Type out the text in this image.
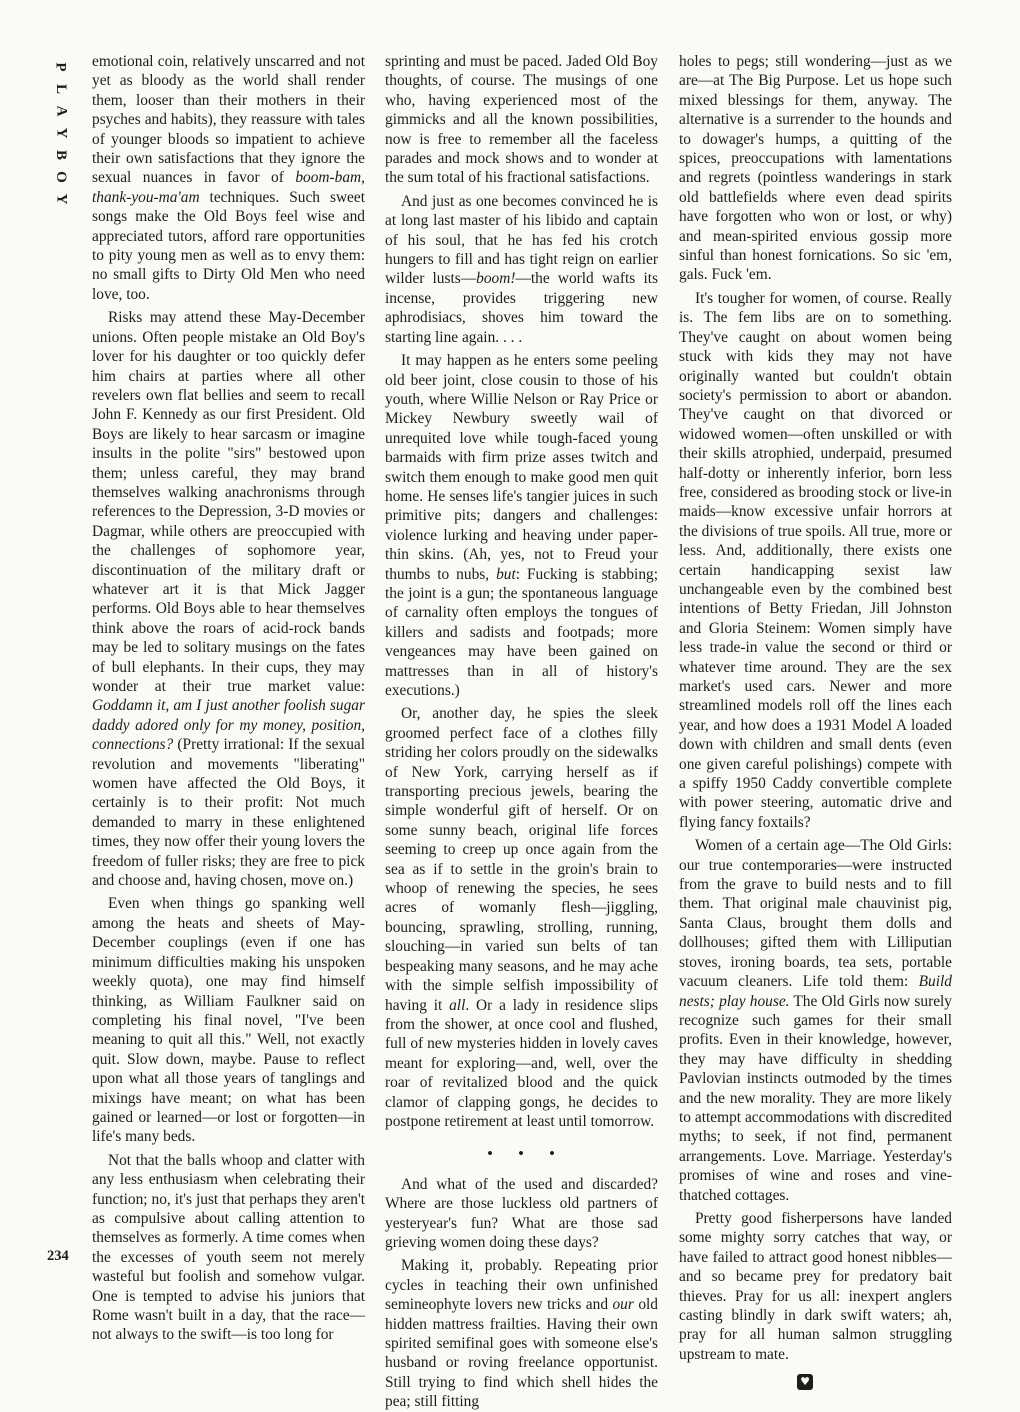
P
L
A
Y
B
O
Y
234

emotional coin, relatively unscarred and not yet as bloody as the world shall render them, looser than their mothers in their psyches and habits), they reassure with tales of younger bloods so impatient to achieve their own satisfactions that they ignore the sexual nuances in favor of boom-bam, thank-you-ma'am techniques. Such sweet songs make the Old Boys feel wise and appreciated tutors, afford rare opportunities to pity young men as well as to envy them: no small gifts to Dirty Old Men who need love, too.

Risks may attend these May-December unions. Often people mistake an Old Boy's lover for his daughter or too quickly defer him chairs at parties where all other revelers own flat bellies and seem to recall John F. Kennedy as our first President. Old Boys are likely to hear sarcasm or imagine insults in the polite "sirs" bestowed upon them; unless careful, they may brand themselves walking anachronisms through references to the Depression, 3-D movies or Dagmar, while others are preoccupied with the challenges of sophomore year, discontinuation of the military draft or whatever art it is that Mick Jagger performs. Old Boys able to hear themselves think above the roars of acid-rock bands may be led to solitary musings on the fates of bull elephants. In their cups, they may wonder at their true market value: Goddamn it, am I just another foolish sugar daddy adored only for my money, position, connections? (Pretty irrational: If the sexual revolution and movements "liberating" women have affected the Old Boys, it certainly is to their profit: Not much demanded to marry in these enlightened times, they now offer their young lovers the freedom of fuller risks; they are free to pick and choose and, having chosen, move on.)

Even when things go spanking well among the heats and sheets of May-December couplings (even if one has minimum difficulties making his unspoken weekly quota), one may find himself thinking, as William Faulkner said on completing his final novel, "I've been meaning to quit all this." Well, not exactly quit. Slow down, maybe. Pause to reflect upon what all those years of tanglings and mixings have meant; on what has been gained or learned—or lost or forgotten—in life's many beds.

Not that the balls whoop and clatter with any less enthusiasm when celebrating their function; no, it's just that perhaps they aren't as compulsive about calling attention to themselves as formerly. A time comes when the excesses of youth seem not merely wasteful but foolish and somehow vulgar. One is tempted to advise his juniors that Rome wasn't built in a day, that the race—not always to the swift—is too long for

sprinting and must be paced. Jaded Old Boy thoughts, of course. The musings of one who, having experienced most of the gimmicks and all the known possibilities, now is free to remember all the faceless parades and mock shows and to wonder at the sum total of his fractional satisfactions.

And just as one becomes convinced he is at long last master of his libido and captain of his soul, that he has fed his crotch hungers to fill and has tight reign on earlier wilder lusts—boom!—the world wafts its incense, provides triggering new aphrodisiacs, shoves him toward the starting line again. . . .

It may happen as he enters some peeling old beer joint, close cousin to those of his youth, where Willie Nelson or Ray Price or Mickey Newbury sweetly wail of unrequited love while tough-faced young barmaids with firm prize asses twitch and switch them enough to make good men quit home. He senses life's tangier juices in such primitive pits; dangers and challenges: violence lurking and heaving under paper-thin skins. (Ah, yes, not to Freud your thumbs to nubs, but: Fucking is stabbing; the joint is a gun; the spontaneous language of carnality often employs the tongues of killers and sadists and footpads; more vengeances may have been gained on mattresses than in all of history's executions.)

Or, another day, he spies the sleek groomed perfect face of a clothes filly striding her colors proudly on the sidewalks of New York, carrying herself as if transporting precious jewels, bearing the simple wonderful gift of herself. Or on some sunny beach, original life forces seeming to creep up once again from the sea as if to settle in the groin's brain to whoop of renewing the species, he sees acres of womanly flesh—jiggling, bouncing, sprawling, strolling, running, slouching—in varied sun belts of tan bespeaking many seasons, and he may ache with the simple selfish impossibility of having it all. Or a lady in residence slips from the shower, at once cool and flushed, full of new mysteries hidden in lovely caves meant for exploring—and, well, over the roar of revitalized blood and the quick clamor of clapping gongs, he decides to postpone retirement at least until tomorrow.

• • •

And what of the used and discarded? Where are those luckless old partners of yesteryear's fun? What are those sad grieving women doing these days?

Making it, probably. Repeating prior cycles in teaching their own unfinished semineophyte lovers new tricks and our old hidden mattress frailties. Having their own spirited semifinal goes with someone else's husband or roving freelance opportunist. Still trying to find which shell hides the pea; still fitting

holes to pegs; still wondering—just as we are—at The Big Purpose. Let us hope such mixed blessings for them, anyway. The alternative is a surrender to the hounds and to dowager's humps, a quitting of the spices, preoccupations with lamentations and regrets (pointless wanderings in stark old battlefields where even dead spirits have forgotten who won or lost, or why) and mean-spirited envious gossip more sinful than honest fornications. So sic 'em, gals. Fuck 'em.

It's tougher for women, of course. Really is. The fem libs are on to something. They've caught on about women being stuck with kids they may not have originally wanted but couldn't obtain society's permission to abort or abandon. They've caught on that divorced or widowed women—often unskilled or with their skills atrophied, underpaid, presumed half-dotty or inherently inferior, born less free, considered as brooding stock or live-in maids—know excessive unfair horrors at the divisions of true spoils. All true, more or less. And, additionally, there exists one certain handicapping sexist law unchangeable even by the combined best intentions of Betty Friedan, Jill Johnston and Gloria Steinem: Women simply have less trade-in value the second or third or whatever time around. They are the sex market's used cars. Newer and more streamlined models roll off the lines each year, and how does a 1931 Model A loaded down with children and small dents (even one given careful polishings) compete with a spiffy 1950 Caddy convertible complete with power steering, automatic drive and flying fancy foxtails?

Women of a certain age—The Old Girls: our true contemporaries—were instructed from the grave to build nests and to fill them. That original male chauvinist pig, Santa Claus, brought them dolls and dollhouses; gifted them with Lilliputian stoves, ironing boards, tea sets, portable vacuum cleaners. Life told them: Build nests; play house. The Old Girls now surely recognize such games for their small profits. Even in their knowledge, however, they may have difficulty in shedding Pavlovian instincts outmoded by the times and the new morality. They are more likely to attempt accommodations with discredited myths; to seek, if not find, permanent arrangements. Love. Marriage. Yesterday's promises of wine and roses and vine-thatched cottages.

Pretty good fisherpersons have landed some mighty sorry catches that way, or have failed to attract good honest nibbles—and so became prey for predatory bait thieves. Pray for us all: inexpert anglers casting blindly in dark swift waters; ah, pray for all human salmon struggling upstream to mate.

♥
